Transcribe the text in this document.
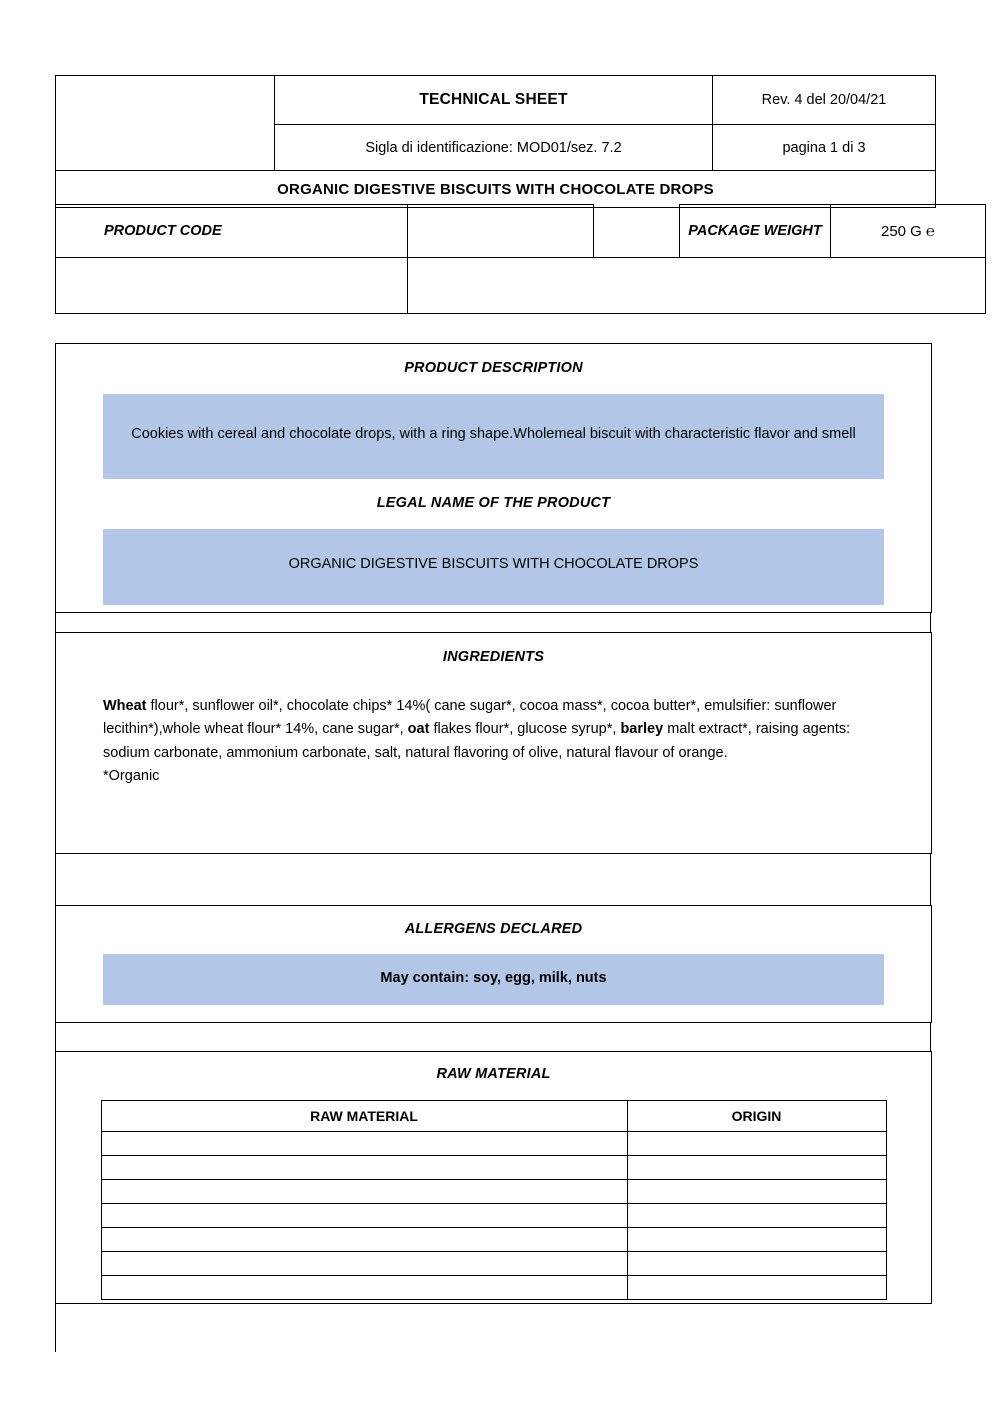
	TECHNICAL SHEET	Rev. 4 del 20/04/21
	Sigla di identificazione: MOD01/sez. 7.2	pagina 1 di 3
ORGANIC DIGESTIVE BISCUITS WITH CHOCOLATE DROPS		
PRODUCT CODE			PACKAGE WEIGHT	250 G ℮

PRODUCT DESCRIPTION
Cookies with cereal and chocolate drops, with a ring shape.Wholemeal biscuit with characteristic flavor and smell
LEGAL NAME OF THE PRODUCT
ORGANIC DIGESTIVE BISCUITS WITH CHOCOLATE DROPS
INGREDIENTS
Wheat flour*, sunflower oil*, chocolate chips* 14%( cane sugar*, cocoa mass*, cocoa butter*, emulsifier: sunflower lecithin*),whole wheat flour* 14%, cane sugar*, oat flakes flour*, glucose syrup*, barley malt extract*, raising agents: sodium carbonate, ammonium carbonate, salt, natural flavoring of olive, natural flavour of orange.
*Organic
ALLERGENS DECLARED
May contain: soy, egg, milk, nuts
RAW MATERIAL
RAW MATERIAL	ORIGIN
